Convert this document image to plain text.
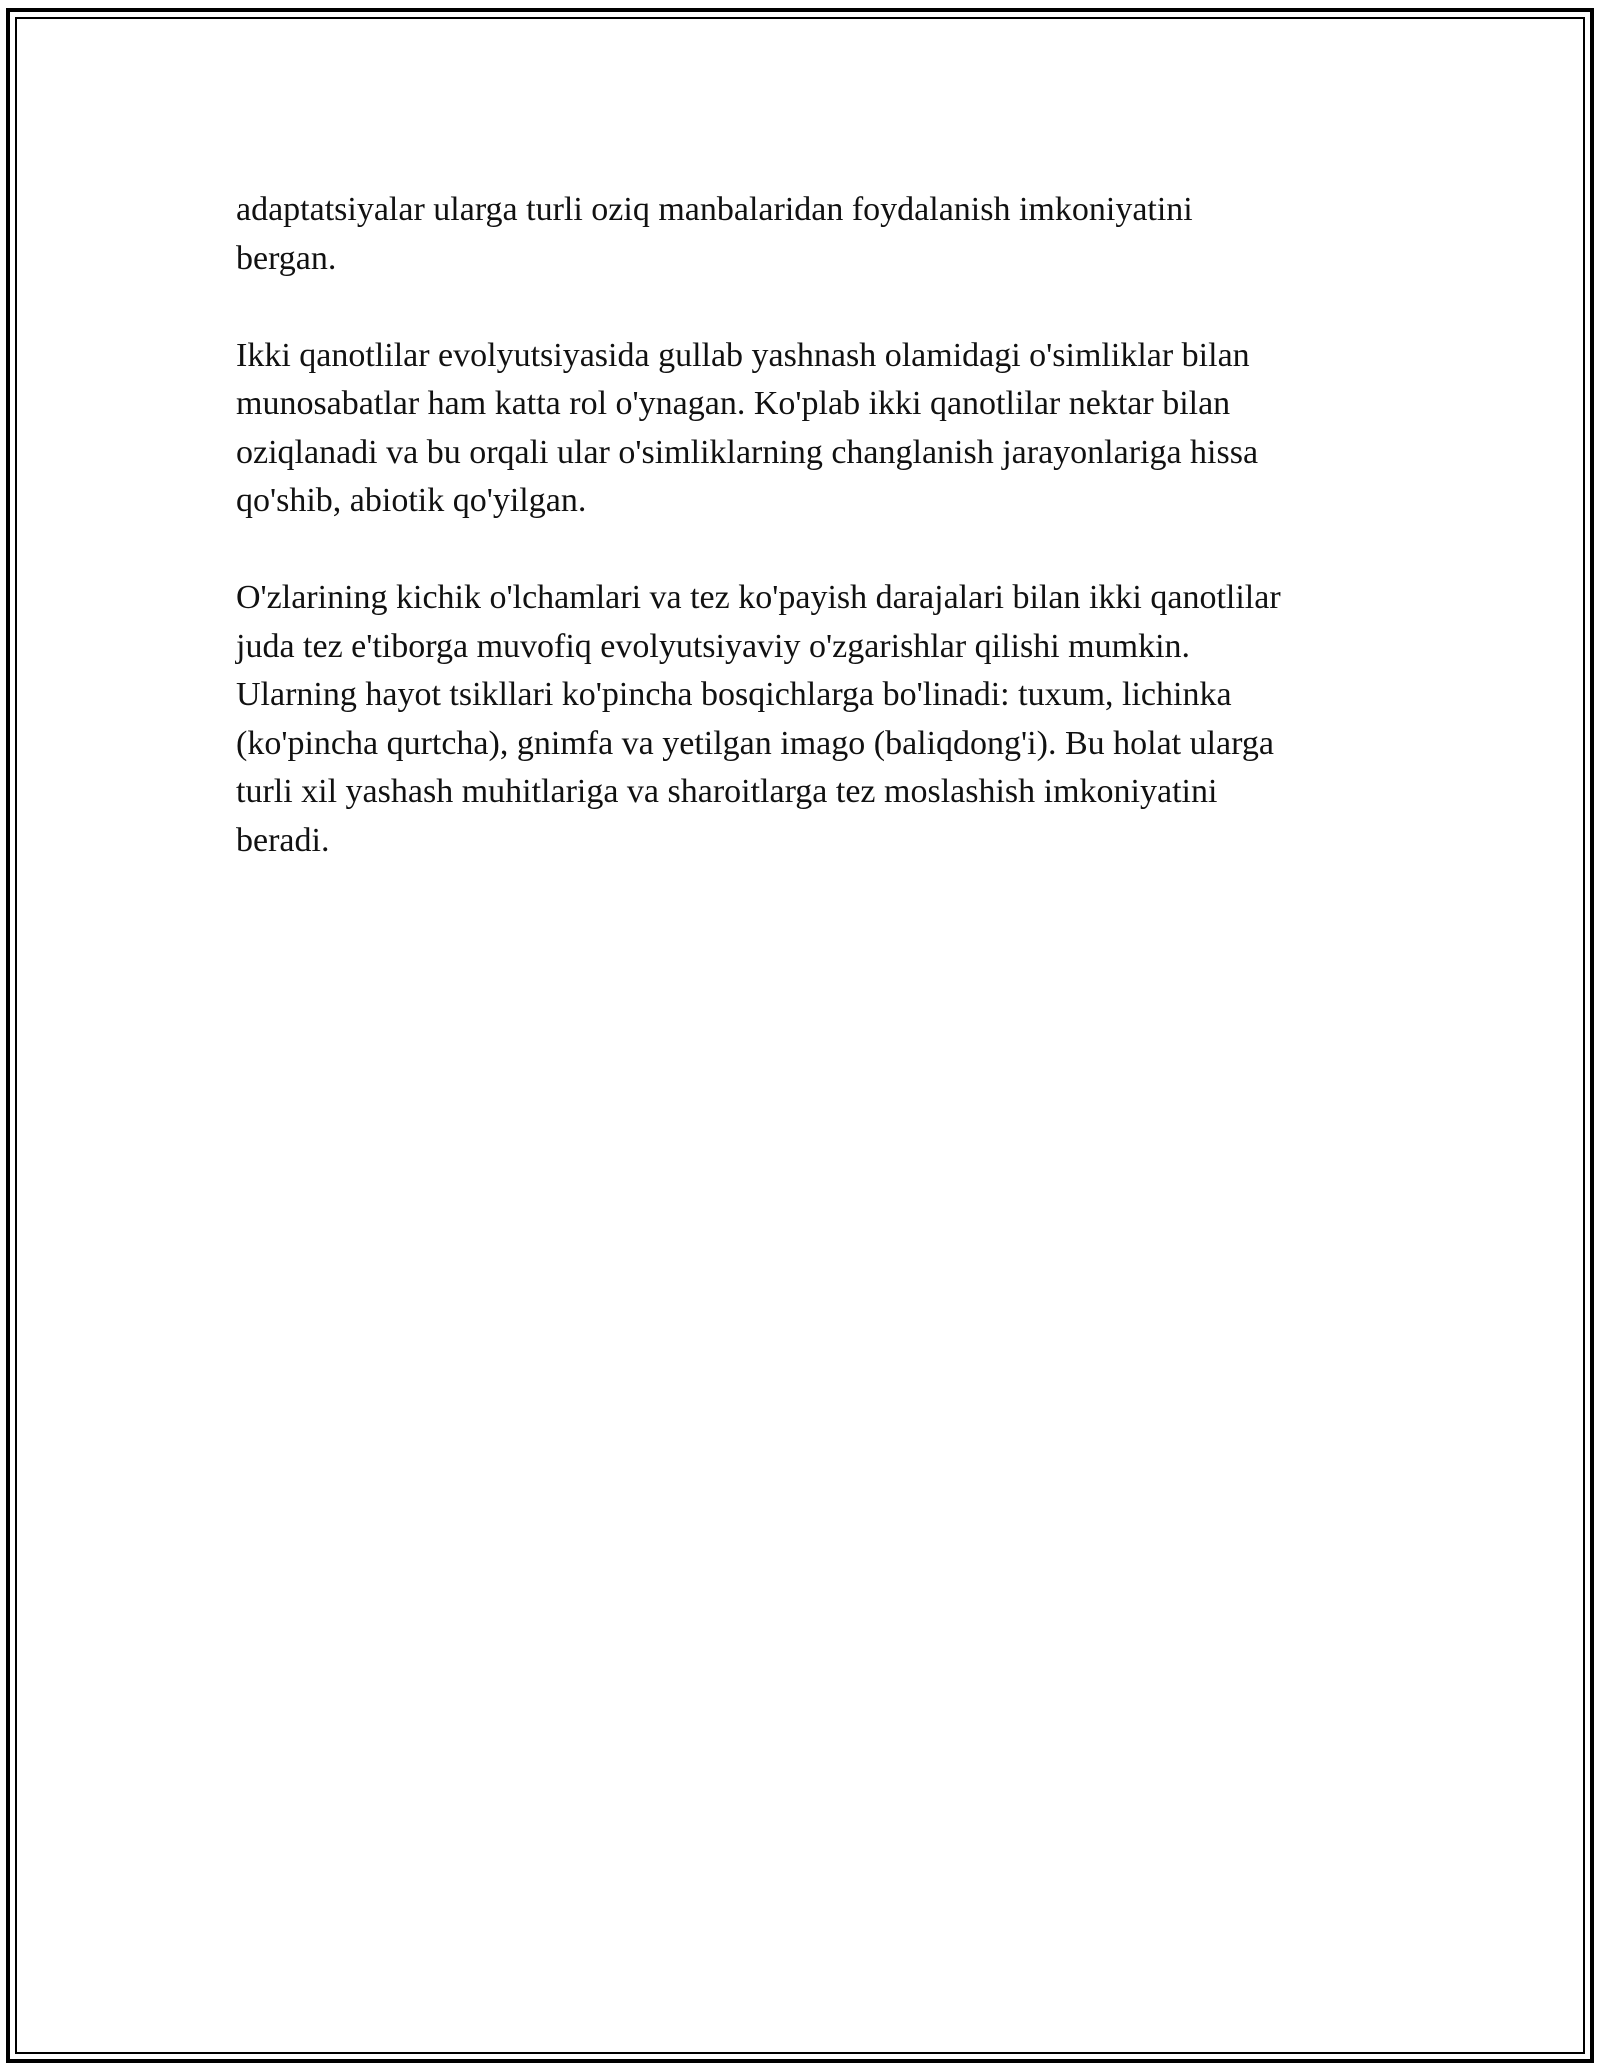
adaptatsiyalar ularga turli oziq manbalaridan foydalanish imkoniyatini
bergan.

Ikki qanotlilar evolyutsiyasida gullab yashnash olamidagi o'simliklar bilan
munosabatlar ham katta rol o'ynagan. Ko'plab ikki qanotlilar nektar bilan
oziqlanadi va bu orqali ular o'simliklarning changlanish jarayonlariga hissa
qo'shib, abiotik qo'yilgan.

O'zlarining kichik o'lchamlari va tez ko'payish darajalari bilan ikki qanotlilar
juda tez e'tiborga muvofiq evolyutsiyaviy o'zgarishlar qilishi mumkin.
Ularning hayot tsikllari ko'pincha bosqichlarga bo'linadi: tuxum, lichinka
(ko'pincha qurtcha), gnimfa va yetilgan imago (baliqdong'i). Bu holat ularga
turli xil yashash muhitlariga va sharoitlarga tez moslashish imkoniyatini
beradi.
